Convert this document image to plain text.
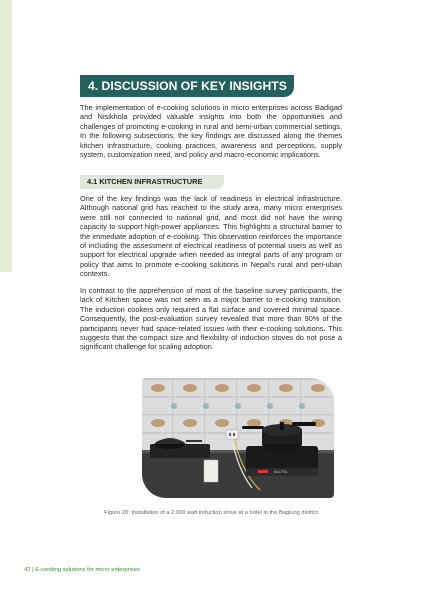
4. DISCUSSION OF KEY INSIGHTS

The implementation of e-cooking solutions in micro enterprises across Badigad and Nisikhola provided valuable insights into both the opportunities and challenges of promoting e-cooking in rural and semi-urban commercial settings. In the following subsections, the key findings are discussed along the themes kitchen infrastructure, cooking practices, awareness and perceptions, supply system, customization need, and policy and macro-economic implications.

4.1 KITCHEN INFRASTRUCTURE

One of the key findings was the lack of readiness in electrical infrastructure. Although national grid has reached to the study area, many micro enterprises were still not connected to national grid, and most did not have the wiring capacity to support high-power appliances. This highlights a structural barrier to the immediate adoption of e-cooking. This observation reinforces the importance of including the assessment of electrical readiness of potential users as well as support for electrical upgrade when needed as integral parts of any program or policy that aims to promote e-cooking solutions in Nepal's rural and peri-uban contexts.

In contrast to the apprehension of most of the baseline survey participants, the lack of Kitchen space was not seen as a major barrier to e-cooking transition. The induction cookers only required a flat surface and covered minimal space. Consequently, the post-evaluation survey revealed that more than 90% of the participants never had space-related issues with their e-cooking solutions. This suggests that the compact size and flexibility of induction stoves do not pose a significant challenge for scaling adoption.

BALTRA

Figure 20: Installation of a 2,000 watt induction stove at a hotel in the Baglung district

42 | E-cooking solutions for micro enterprises
